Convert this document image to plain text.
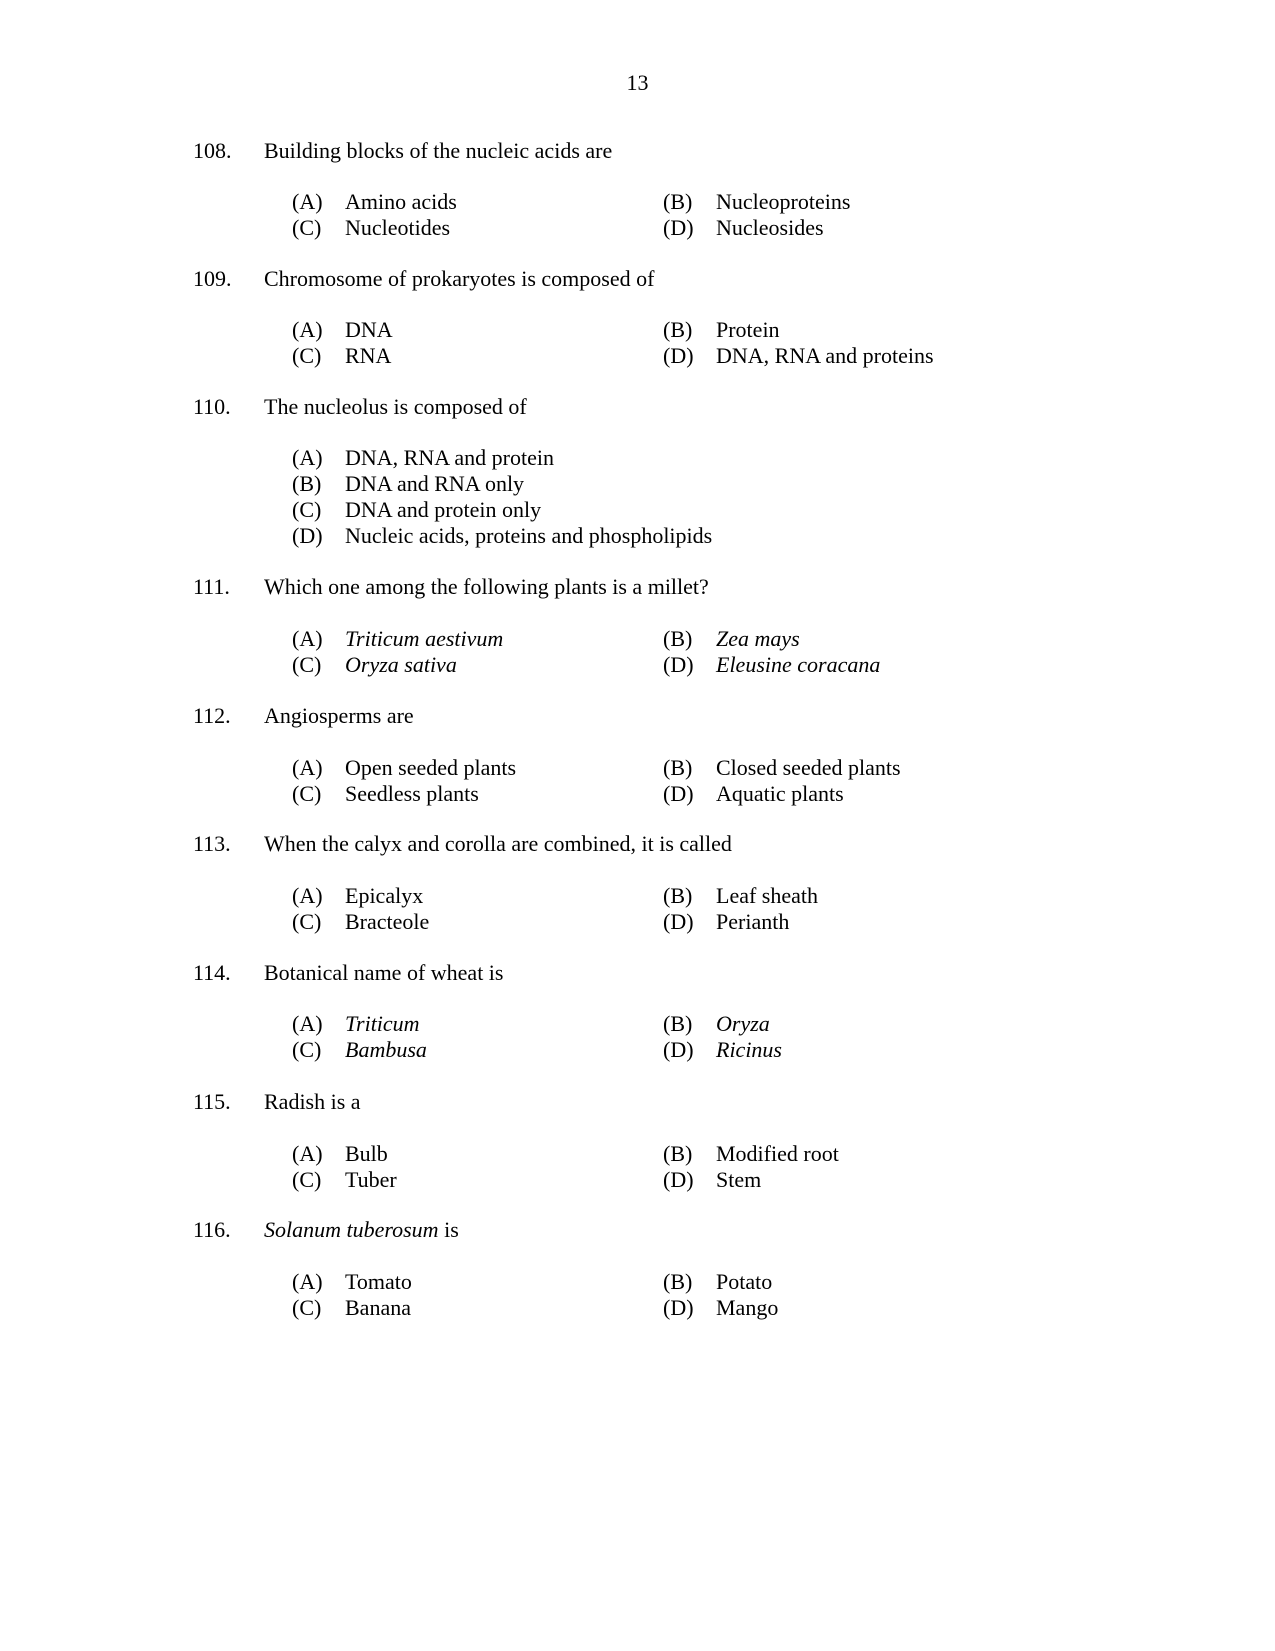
13
108. Building blocks of the nucleic acids are
(A) Amino acids	(B) Nucleoproteins
(C) Nucleotides	(D) Nucleosides
109. Chromosome of prokaryotes is composed of
(A) DNA	(B) Protein
(C) RNA	(D) DNA, RNA and proteins
110. The nucleolus is composed of
(A) DNA, RNA and protein
(B) DNA and RNA only
(C) DNA and protein only
(D) Nucleic acids, proteins and phospholipids
111. Which one among the following plants is a millet?
(A) Triticum aestivum	(B) Zea mays
(C) Oryza sativa	(D) Eleusine coracana
112. Angiosperms are
(A) Open seeded plants	(B) Closed seeded plants
(C) Seedless plants	(D) Aquatic plants
113. When the calyx and corolla are combined, it is called
(A) Epicalyx	(B) Leaf sheath
(C) Bracteole	(D) Perianth
114. Botanical name of wheat is
(A) Triticum	(B) Oryza
(C) Bambusa	(D) Ricinus
115. Radish is a
(A) Bulb	(B) Modified root
(C) Tuber	(D) Stem
116. Solanum tuberosum is
(A) Tomato	(B) Potato
(C) Banana	(D) Mango
